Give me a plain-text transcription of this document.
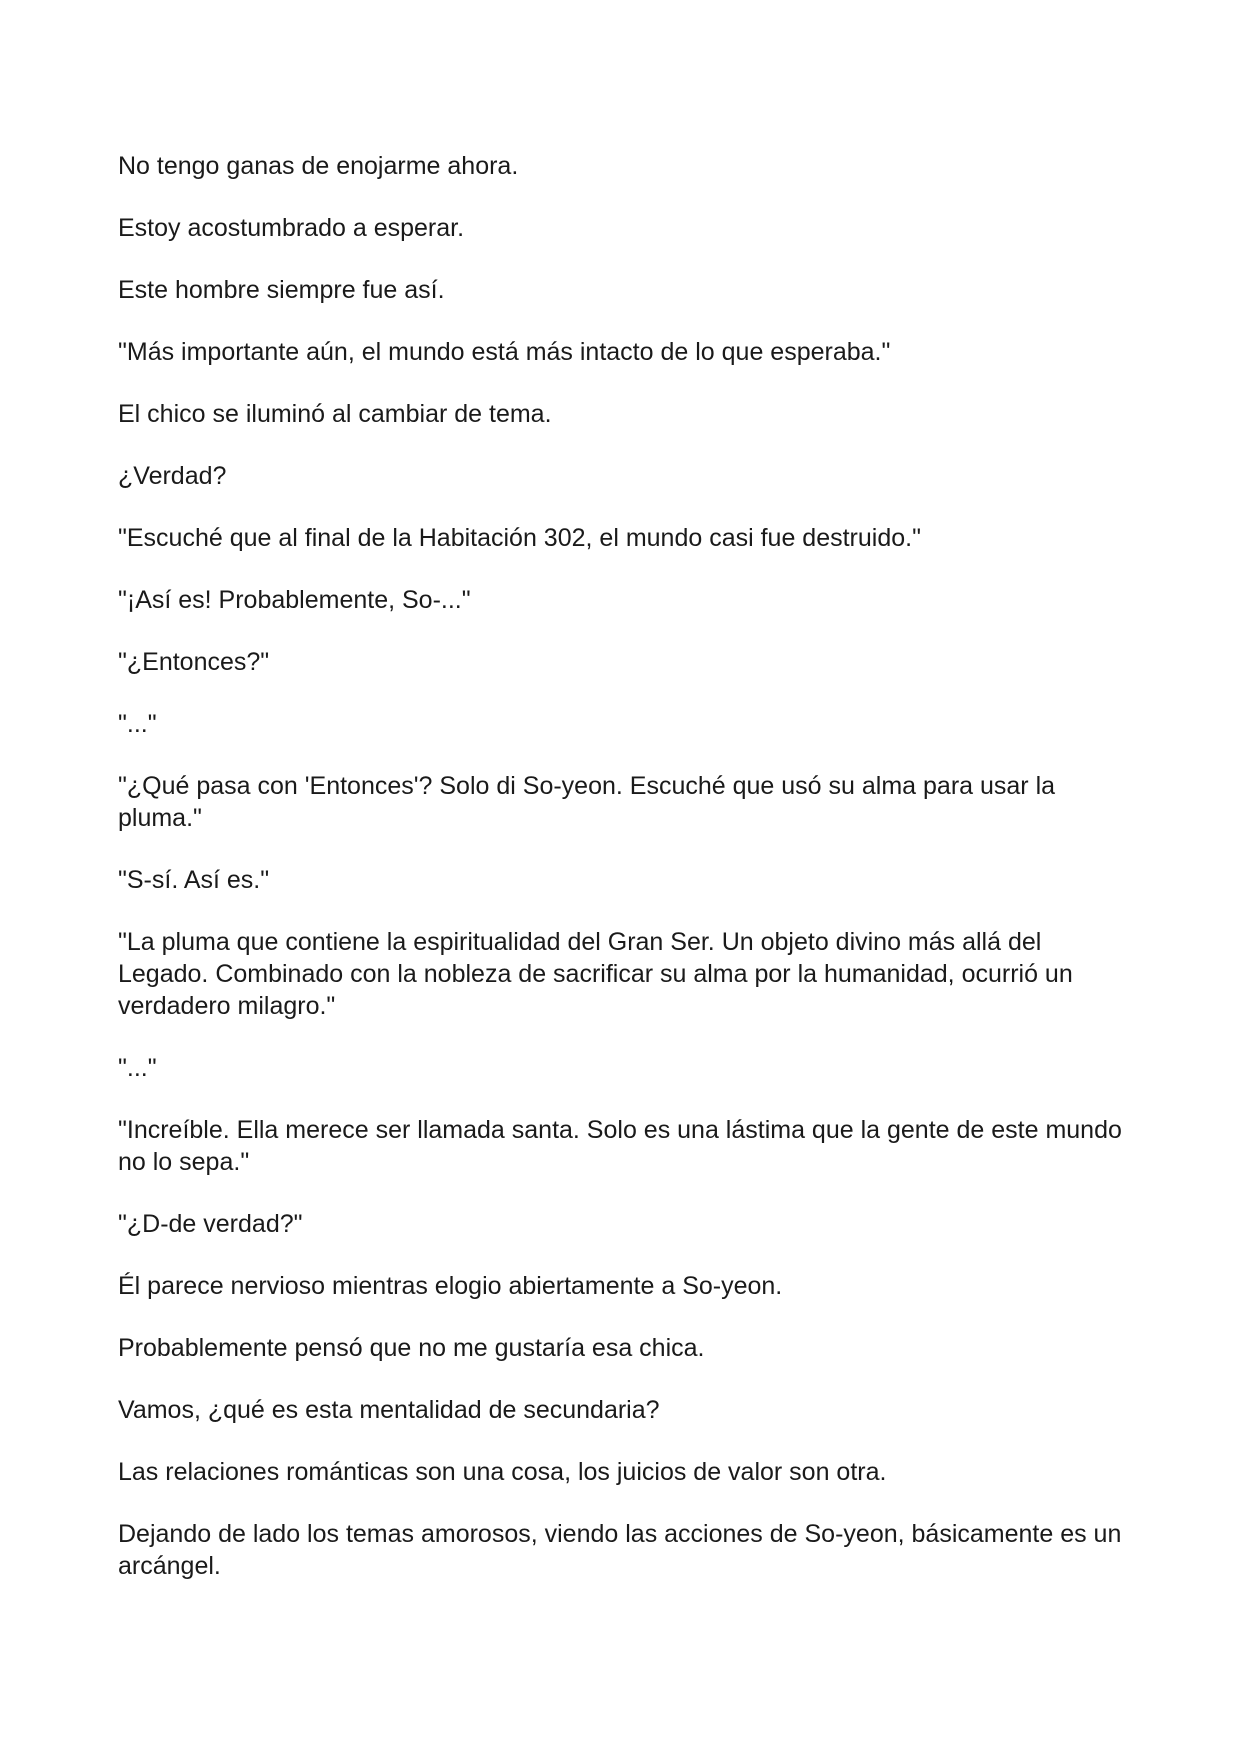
No tengo ganas de enojarme ahora.

Estoy acostumbrado a esperar.

Este hombre siempre fue así.

"Más importante aún, el mundo está más intacto de lo que esperaba."

El chico se iluminó al cambiar de tema.

¿Verdad?

"Escuché que al final de la Habitación 302, el mundo casi fue destruido."

"¡Así es! Probablemente, So-..."

"¿Entonces?"

"..."

"¿Qué pasa con 'Entonces'? Solo di So-yeon. Escuché que usó su alma para usar la pluma."

"S-sí. Así es."

"La pluma que contiene la espiritualidad del Gran Ser. Un objeto divino más allá del Legado. Combinado con la nobleza de sacrificar su alma por la humanidad, ocurrió un verdadero milagro."

"..."

"Increíble. Ella merece ser llamada santa. Solo es una lástima que la gente de este mundo no lo sepa."

"¿D-de verdad?"

Él parece nervioso mientras elogio abiertamente a So-yeon.

Probablemente pensó que no me gustaría esa chica.

Vamos, ¿qué es esta mentalidad de secundaria?

Las relaciones románticas son una cosa, los juicios de valor son otra.

Dejando de lado los temas amorosos, viendo las acciones de So-yeon, básicamente es un arcángel.
